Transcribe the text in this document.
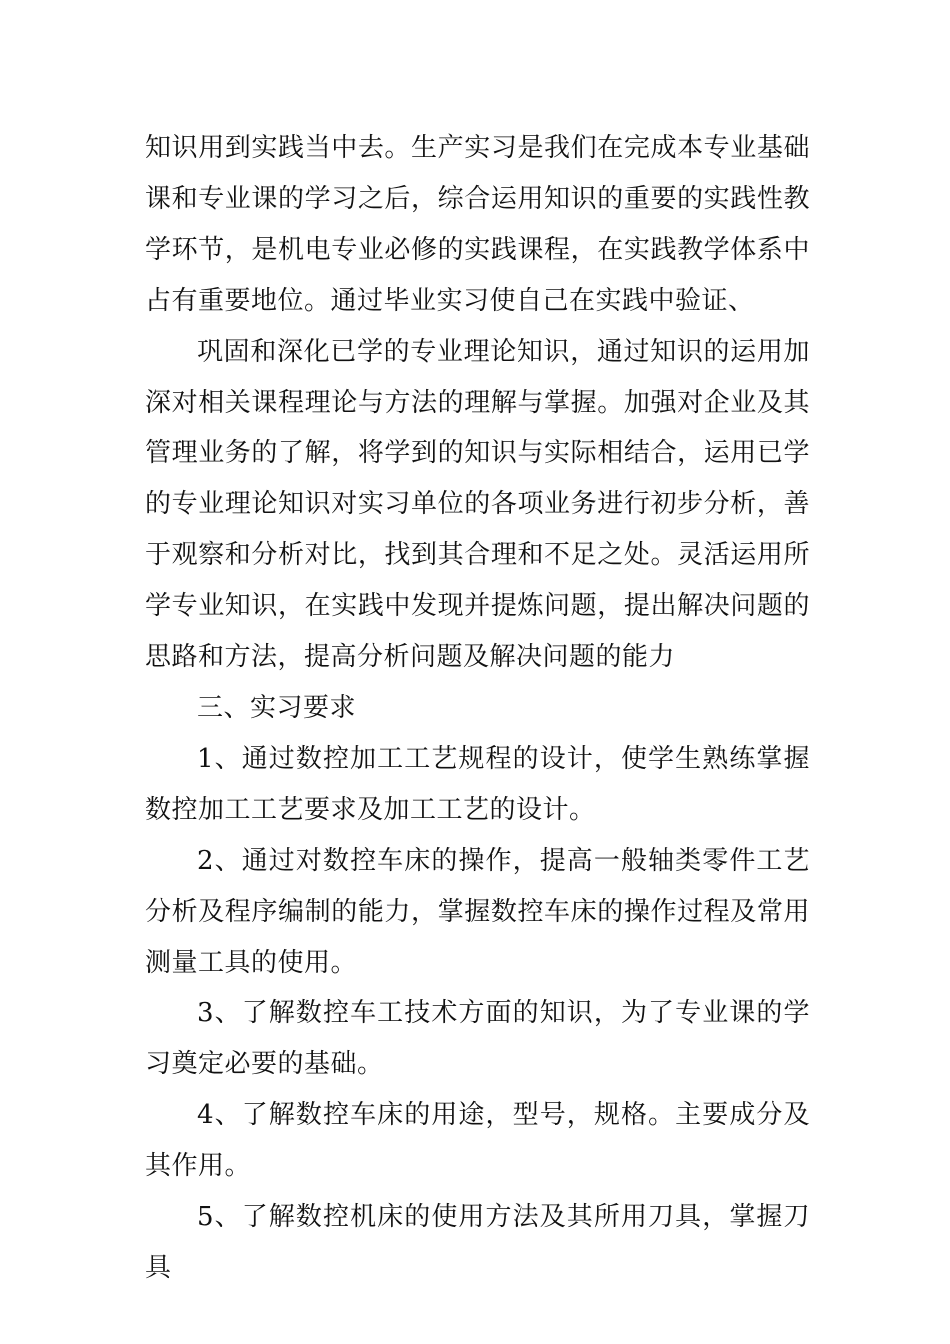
知识用到实践当中去。生产实习是我们在完成本专业基础课和专业课的学习之后，综合运用知识的重要的实践性教学环节，是机电专业必修的实践课程，在实践教学体系中占有重要地位。通过毕业实习使自己在实践中验证、

巩固和深化已学的专业理论知识，通过知识的运用加深对相关课程理论与方法的理解与掌握。加强对企业及其管理业务的了解，将学到的知识与实际相结合，运用已学的专业理论知识对实习单位的各项业务进行初步分析，善于观察和分析对比，找到其合理和不足之处。灵活运用所学专业知识，在实践中发现并提炼问题，提出解决问题的思路和方法，提高分析问题及解决问题的能力

三、实习要求

1、通过数控加工工艺规程的设计，使学生熟练掌握数控加工工艺要求及加工工艺的设计。

2、通过对数控车床的操作，提高一般轴类零件工艺分析及程序编制的能力，掌握数控车床的操作过程及常用测量工具的使用。

3、了解数控车工技术方面的知识，为了专业课的学习奠定必要的基础。

4、了解数控车床的用途，型号，规格。主要成分及其作用。

5、了解数控机床的使用方法及其所用刀具，掌握刀具
